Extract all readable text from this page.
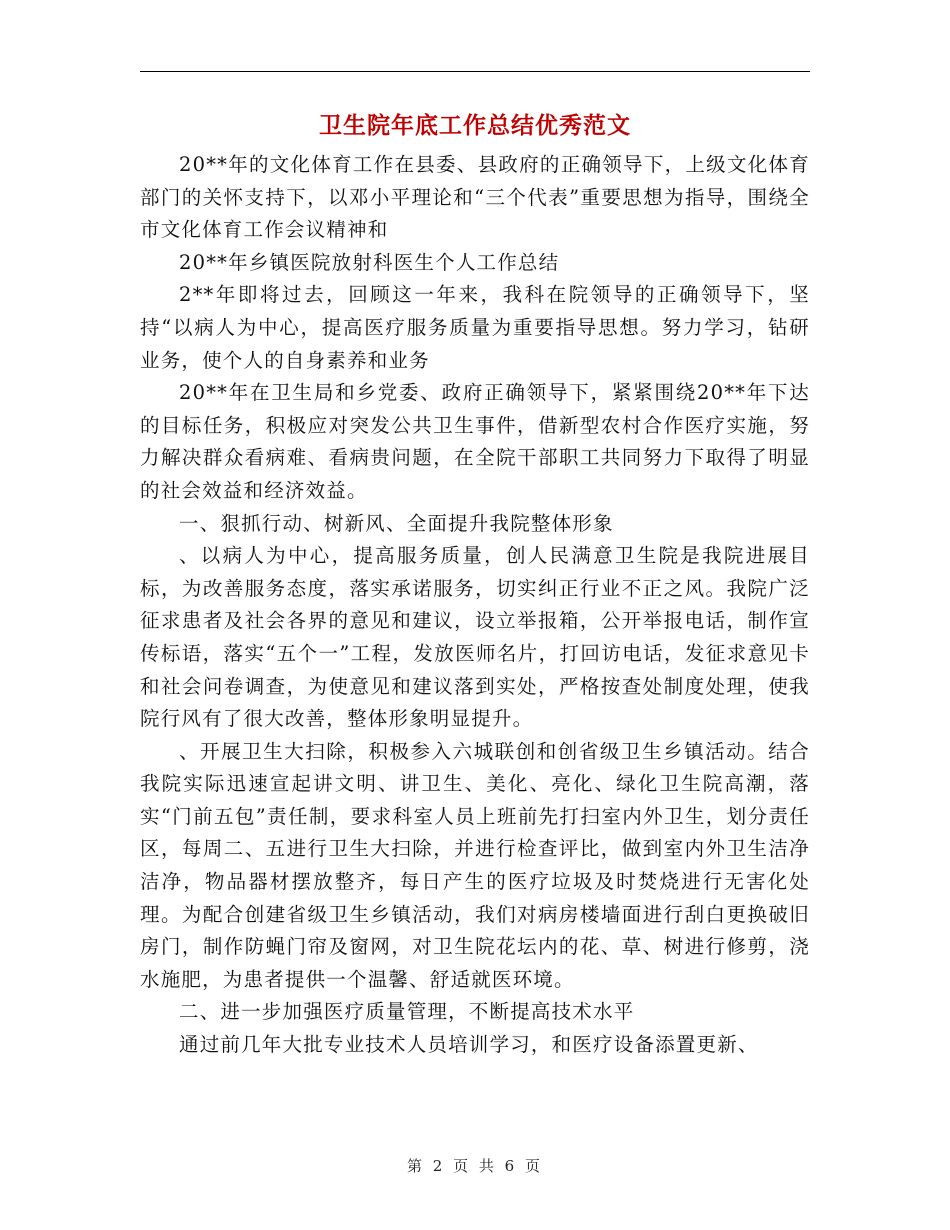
卫生院年底工作总结优秀范文

20**年的文化体育工作在县委、县政府的正确领导下，上级文化体育部门的关怀支持下，以邓小平理论和“三个代表”重要思想为指导，围绕全市文化体育工作会议精神和

20**年乡镇医院放射科医生个人工作总结

2**年即将过去，回顾这一年来，我科在院领导的正确领导下，坚持“以病人为中心，提高医疗服务质量为重要指导思想。努力学习，钻研业务，使个人的自身素养和业务

20**年在卫生局和乡党委、政府正确领导下，紧紧围绕20**年下达的目标任务，积极应对突发公共卫生事件，借新型农村合作医疗实施，努力解决群众看病难、看病贵问题，在全院干部职工共同努力下取得了明显的社会效益和经济效益。

一、狠抓行动、树新风、全面提升我院整体形象

、以病人为中心，提高服务质量，创人民满意卫生院是我院进展目标，为改善服务态度，落实承诺服务，切实纠正行业不正之风。我院广泛征求患者及社会各界的意见和建议，设立举报箱，公开举报电话，制作宣传标语，落实“五个一”工程，发放医师名片，打回访电话，发征求意见卡和社会问卷调查，为使意见和建议落到实处，严格按查处制度处理，使我院行风有了很大改善，整体形象明显提升。

、开展卫生大扫除，积极参入六城联创和创省级卫生乡镇活动。结合我院实际迅速宣起讲文明、讲卫生、美化、亮化、绿化卫生院高潮，落实“门前五包”责任制，要求科室人员上班前先打扫室内外卫生，划分责任区，每周二、五进行卫生大扫除，并进行检查评比，做到室内外卫生洁净洁净，物品器材摆放整齐，每日产生的医疗垃圾及时焚烧进行无害化处理。为配合创建省级卫生乡镇活动，我们对病房楼墙面进行刮白更换破旧房门，制作防蝇门帘及窗网，对卫生院花坛内的花、草、树进行修剪，浇水施肥，为患者提供一个温馨、舒适就医环境。

二、进一步加强医疗质量管理，不断提高技术水平

通过前几年大批专业技术人员培训学习，和医疗设备添置更新、

第 2 页 共 6 页
